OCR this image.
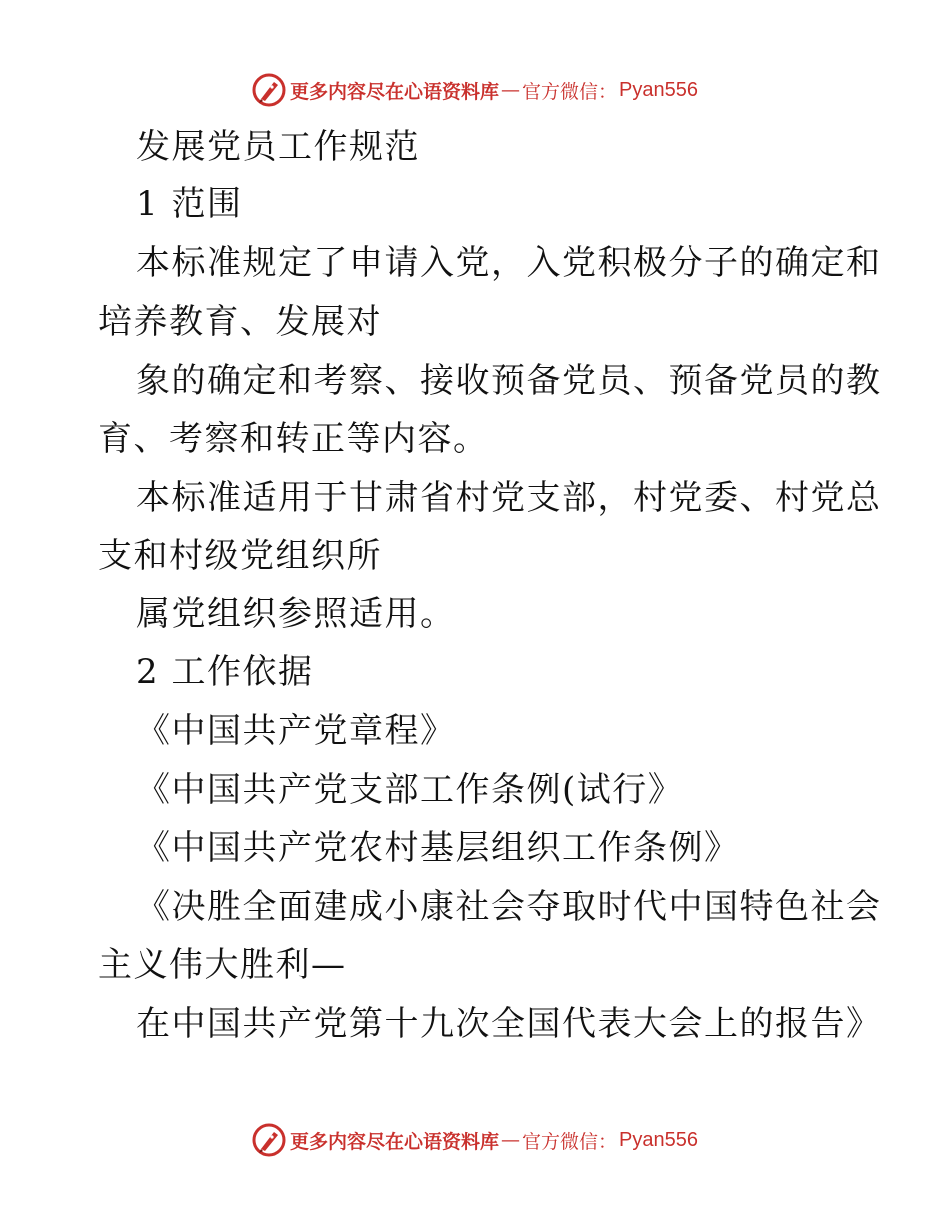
更多内容尽在心语资料库 — 官方微信： Pyan556
发展党员工作规范
1 范围
本标准规定了申请入党，入党积极分子的确定和
培养教育、发展对
象的确定和考察、接收预备党员、预备党员的教
育、考察和转正等内容。
本标准适用于甘肃省村党支部，村党委、村党总
支和村级党组织所
属党组织参照适用。
2 工作依据
《中国共产党章程》
《中国共产党支部工作条例(试行》
《中国共产党农村基层组织工作条例》
《决胜全面建成小康社会夺取时代中国特色社会
主义伟大胜利—
在中国共产党第十九次全国代表大会上的报告》
更多内容尽在心语资料库 — 官方微信： Pyan556
